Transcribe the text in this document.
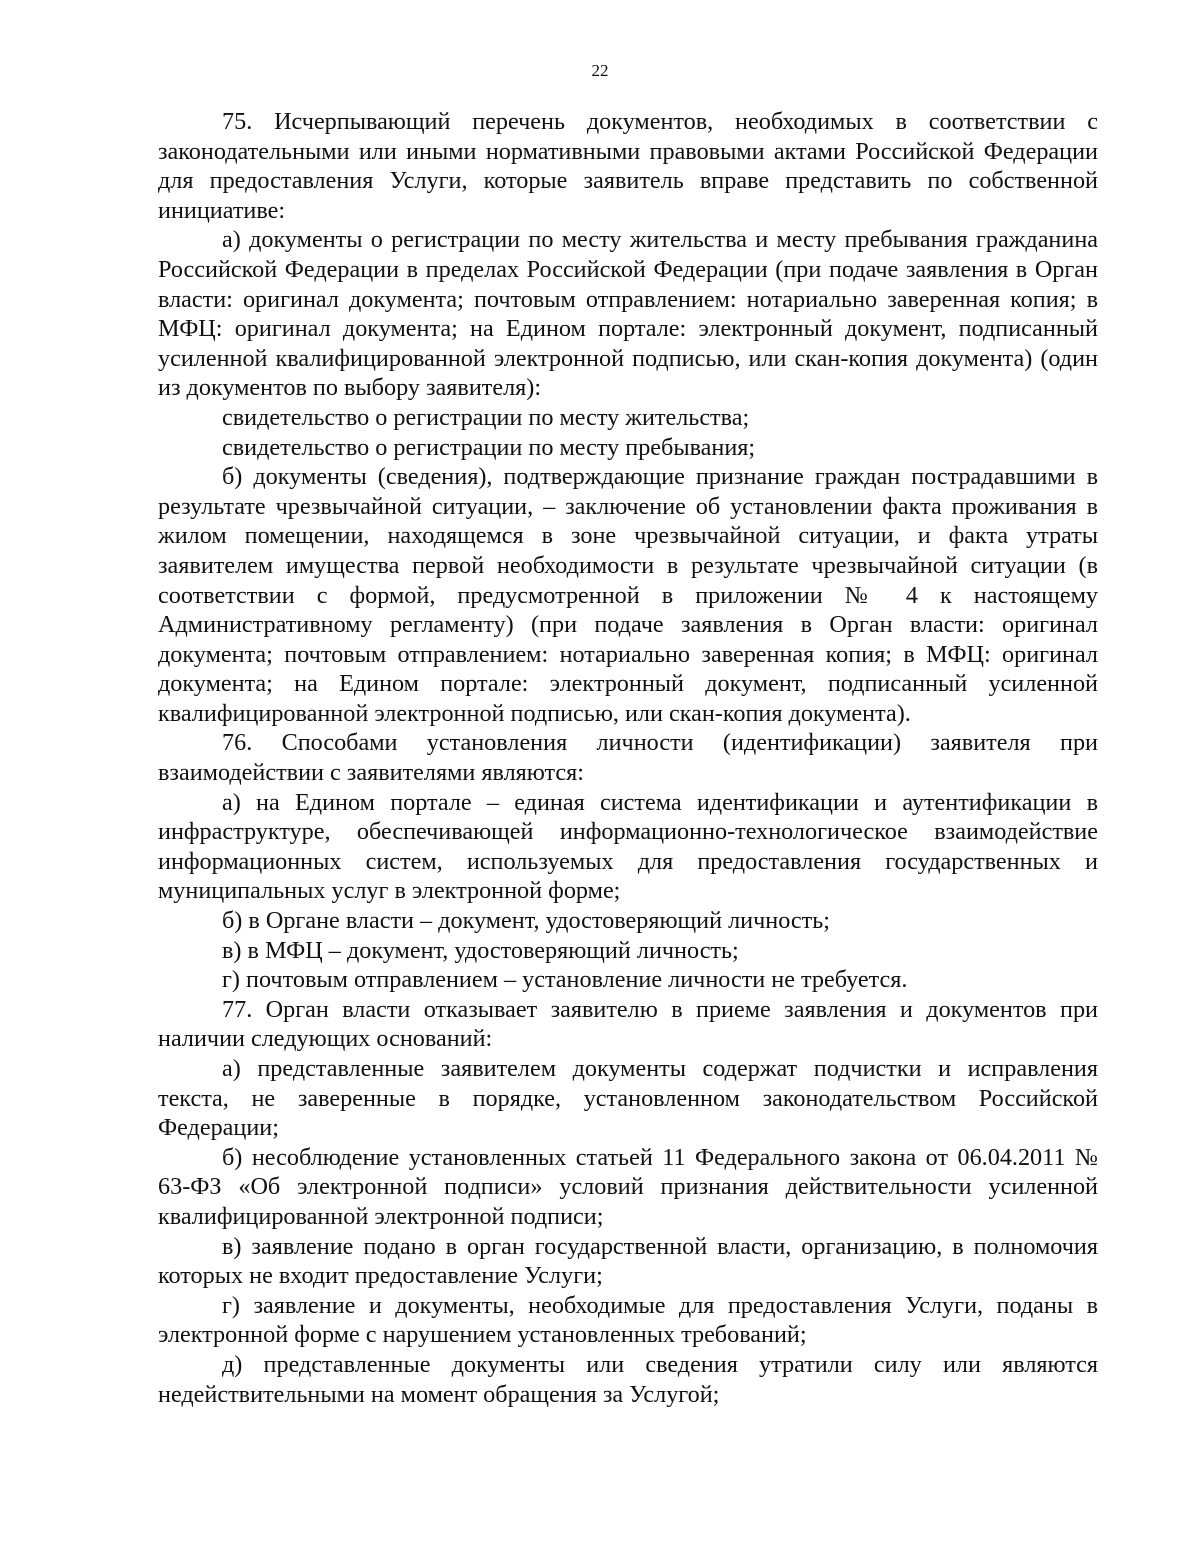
22

75. Исчерпывающий перечень документов, необходимых в соответствии с законодательными или иными нормативными правовыми актами Российской Федерации для предоставления Услуги, которые заявитель вправе представить по собственной инициативе:

а) документы о регистрации по месту жительства и месту пребывания гражданина Российской Федерации в пределах Российской Федерации (при подаче заявления в Орган власти: оригинал документа; почтовым отправлением: нотариально заверенная копия; в МФЦ: оригинал документа; на Едином портале: электронный документ, подписанный усиленной квалифицированной электронной подписью, или скан-копия документа) (один из документов по выбору заявителя):

свидетельство о регистрации по месту жительства;

свидетельство о регистрации по месту пребывания;

б) документы (сведения), подтверждающие признание граждан пострадавшими в результате чрезвычайной ситуации, – заключение об установлении факта проживания в жилом помещении, находящемся в зоне чрезвычайной ситуации, и факта утраты заявителем имущества первой необходимости в результате чрезвычайной ситуации (в соответствии с формой, предусмотренной в приложении № 4 к настоящему Административному регламенту) (при подаче заявления в Орган власти: оригинал документа; почтовым отправлением: нотариально заверенная копия; в МФЦ: оригинал документа; на Едином портале: электронный документ, подписанный усиленной квалифицированной электронной подписью, или скан-копия документа).

76. Способами установления личности (идентификации) заявителя при взаимодействии с заявителями являются:

а) на Едином портале – единая система идентификации и аутентификации в инфраструктуре, обеспечивающей информационно-технологическое взаимодействие информационных систем, используемых для предоставления государственных и муниципальных услуг в электронной форме;

б) в Органе власти – документ, удостоверяющий личность;

в) в МФЦ – документ, удостоверяющий личность;

г) почтовым отправлением – установление личности не требуется.

77. Орган власти отказывает заявителю в приеме заявления и документов при наличии следующих оснований:

а) представленные заявителем документы содержат подчистки и исправления текста, не заверенные в порядке, установленном законодательством Российской Федерации;

б) несоблюдение установленных статьей 11 Федерального закона от 06.04.2011 № 63-ФЗ «Об электронной подписи» условий признания действительности усиленной квалифицированной электронной подписи;

в) заявление подано в орган государственной власти, организацию, в полномочия которых не входит предоставление Услуги;

г) заявление и документы, необходимые для предоставления Услуги, поданы в электронной форме с нарушением установленных требований;

д) представленные документы или сведения утратили силу или являются недействительными на момент обращения за Услугой;
